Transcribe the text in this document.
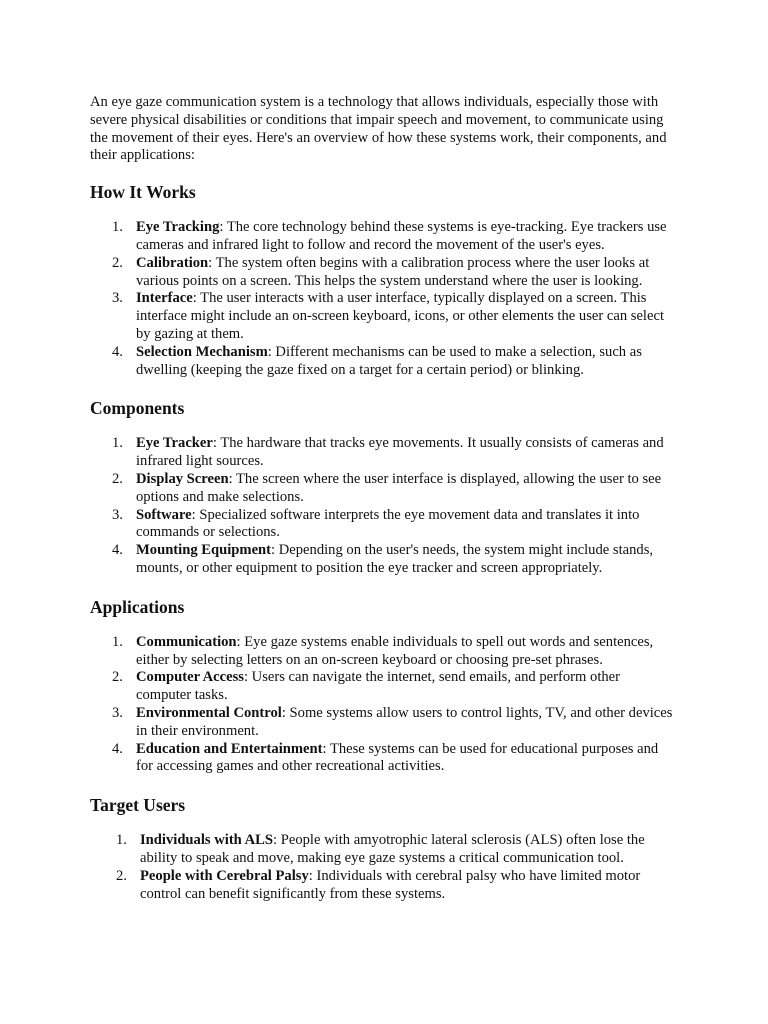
An eye gaze communication system is a technology that allows individuals, especially those with severe physical disabilities or conditions that impair speech and movement, to communicate using the movement of their eyes. Here's an overview of how these systems work, their components, and their applications:

How It Works
1. Eye Tracking: The core technology behind these systems is eye-tracking. Eye trackers use cameras and infrared light to follow and record the movement of the user's eyes.
2. Calibration: The system often begins with a calibration process where the user looks at various points on a screen. This helps the system understand where the user is looking.
3. Interface: The user interacts with a user interface, typically displayed on a screen. This interface might include an on-screen keyboard, icons, or other elements the user can select by gazing at them.
4. Selection Mechanism: Different mechanisms can be used to make a selection, such as dwelling (keeping the gaze fixed on a target for a certain period) or blinking.
Components
1. Eye Tracker: The hardware that tracks eye movements. It usually consists of cameras and infrared light sources.
2. Display Screen: The screen where the user interface is displayed, allowing the user to see options and make selections.
3. Software: Specialized software interprets the eye movement data and translates it into commands or selections.
4. Mounting Equipment: Depending on the user's needs, the system might include stands, mounts, or other equipment to position the eye tracker and screen appropriately.
Applications
1. Communication: Eye gaze systems enable individuals to spell out words and sentences, either by selecting letters on an on-screen keyboard or choosing pre-set phrases.
2. Computer Access: Users can navigate the internet, send emails, and perform other computer tasks.
3. Environmental Control: Some systems allow users to control lights, TV, and other devices in their environment.
4. Education and Entertainment: These systems can be used for educational purposes and for accessing games and other recreational activities.
Target Users
1. Individuals with ALS: People with amyotrophic lateral sclerosis (ALS) often lose the ability to speak and move, making eye gaze systems a critical communication tool.
2. People with Cerebral Palsy: Individuals with cerebral palsy who have limited motor control can benefit significantly from these systems.
